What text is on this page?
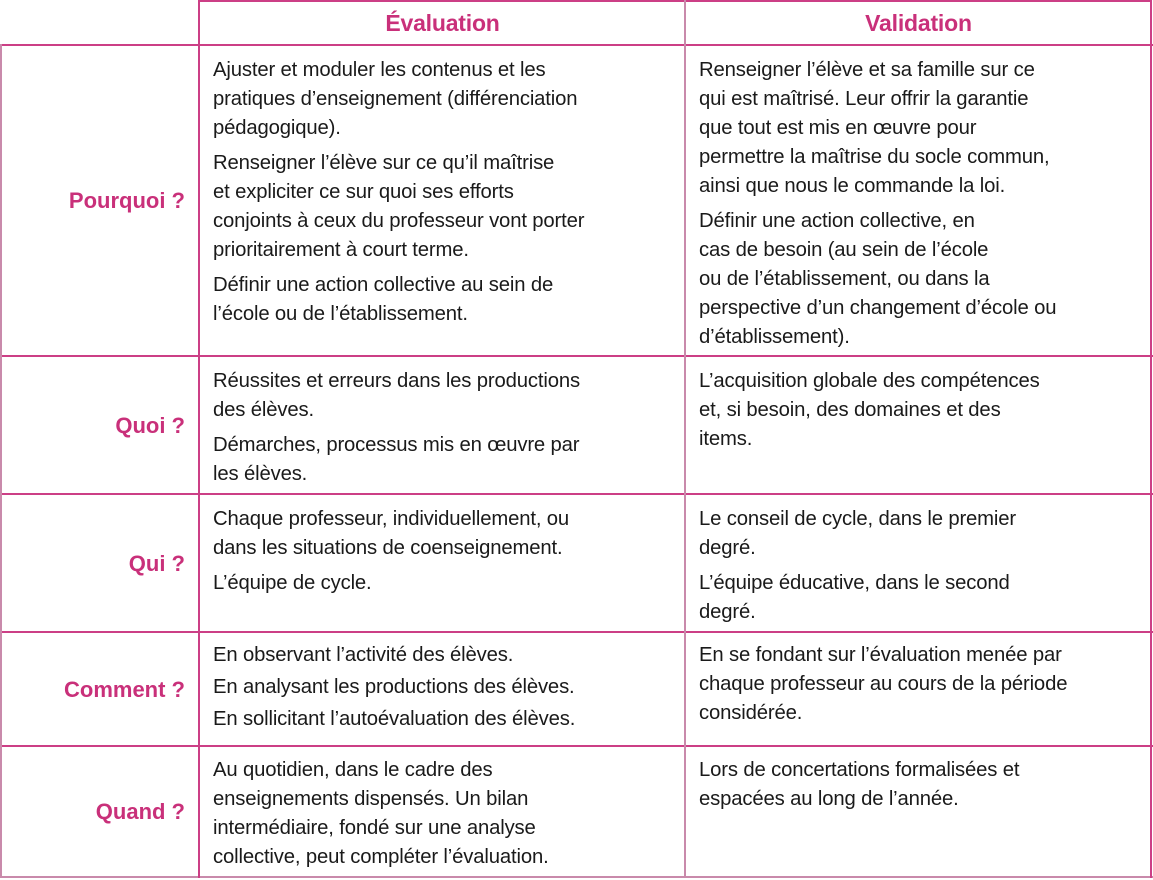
Évaluation	Validation
Pourquoi ?
Quoi ?
Qui ?
Comment ?
Quand ?

Ajuster et moduler les contenus et les
pratiques d’enseignement (différenciation
pédagogique).

Renseigner l’élève sur ce qu’il maîtrise
et expliciter ce sur quoi ses efforts
conjoints à ceux du professeur vont porter
prioritairement à court terme.

Définir une action collective au sein de
l’école ou de l’établissement.

Renseigner l’élève et sa famille sur ce
qui est maîtrisé. Leur offrir la garantie
que tout est mis en œuvre pour
permettre la maîtrise du socle commun,
ainsi que nous le commande la loi.

Définir une action collective, en
cas de besoin (au sein de l’école
ou de l’établissement, ou dans la
perspective d’un changement d’école ou
d’établissement).

Réussites et erreurs dans les productions
des élèves.

Démarches, processus mis en œuvre par
les élèves.

L’acquisition globale des compétences
et, si besoin, des domaines et des
items.

Chaque professeur, individuellement, ou
dans les situations de coenseignement.

L’équipe de cycle.

Le conseil de cycle, dans le premier
degré.

L’équipe éducative, dans le second
degré.

En observant l’activité des élèves.

En analysant les productions des élèves.

En sollicitant l’autoévaluation des élèves.

En se fondant sur l’évaluation menée par
chaque professeur au cours de la période
considérée.

Au quotidien, dans le cadre des
enseignements dispensés. Un bilan
intermédiaire, fondé sur une analyse
collective, peut compléter l’évaluation.

Lors de concertations formalisées et
espacées au long de l’année.
